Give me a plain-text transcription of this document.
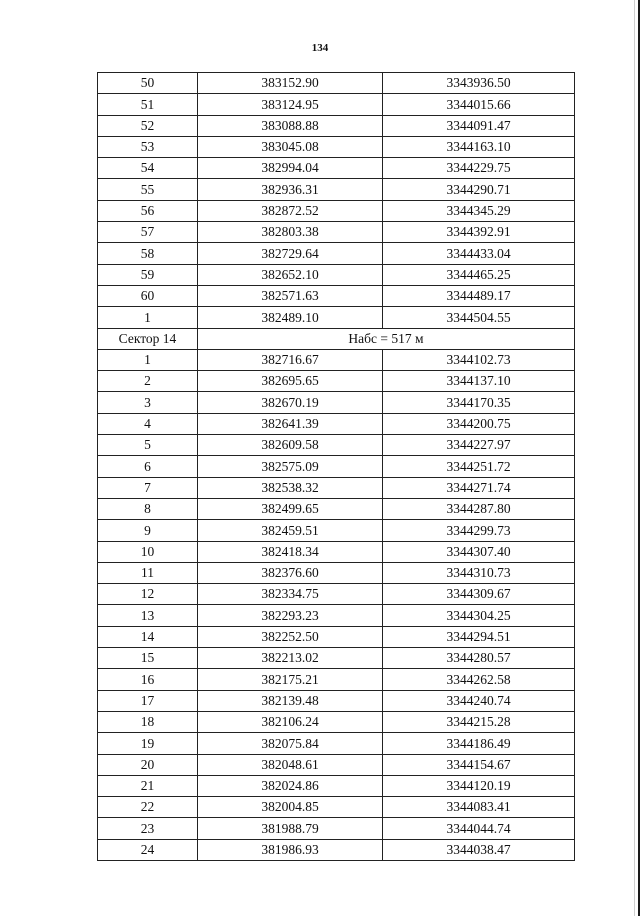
134
50	383152.90	3343936.50
51	383124.95	3344015.66
52	383088.88	3344091.47
53	383045.08	3344163.10
54	382994.04	3344229.75
55	382936.31	3344290.71
56	382872.52	3344345.29
57	382803.38	3344392.91
58	382729.64	3344433.04
59	382652.10	3344465.25
60	382571.63	3344489.17
1	382489.10	3344504.55
Сектор 14	Набс = 517 м	
1	382716.67	3344102.73
2	382695.65	3344137.10
3	382670.19	3344170.35
4	382641.39	3344200.75
5	382609.58	3344227.97
6	382575.09	3344251.72
7	382538.32	3344271.74
8	382499.65	3344287.80
9	382459.51	3344299.73
10	382418.34	3344307.40
11	382376.60	3344310.73
12	382334.75	3344309.67
13	382293.23	3344304.25
14	382252.50	3344294.51
15	382213.02	3344280.57
16	382175.21	3344262.58
17	382139.48	3344240.74
18	382106.24	3344215.28
19	382075.84	3344186.49
20	382048.61	3344154.67
21	382024.86	3344120.19
22	382004.85	3344083.41
23	381988.79	3344044.74
24	381986.93	3344038.47
